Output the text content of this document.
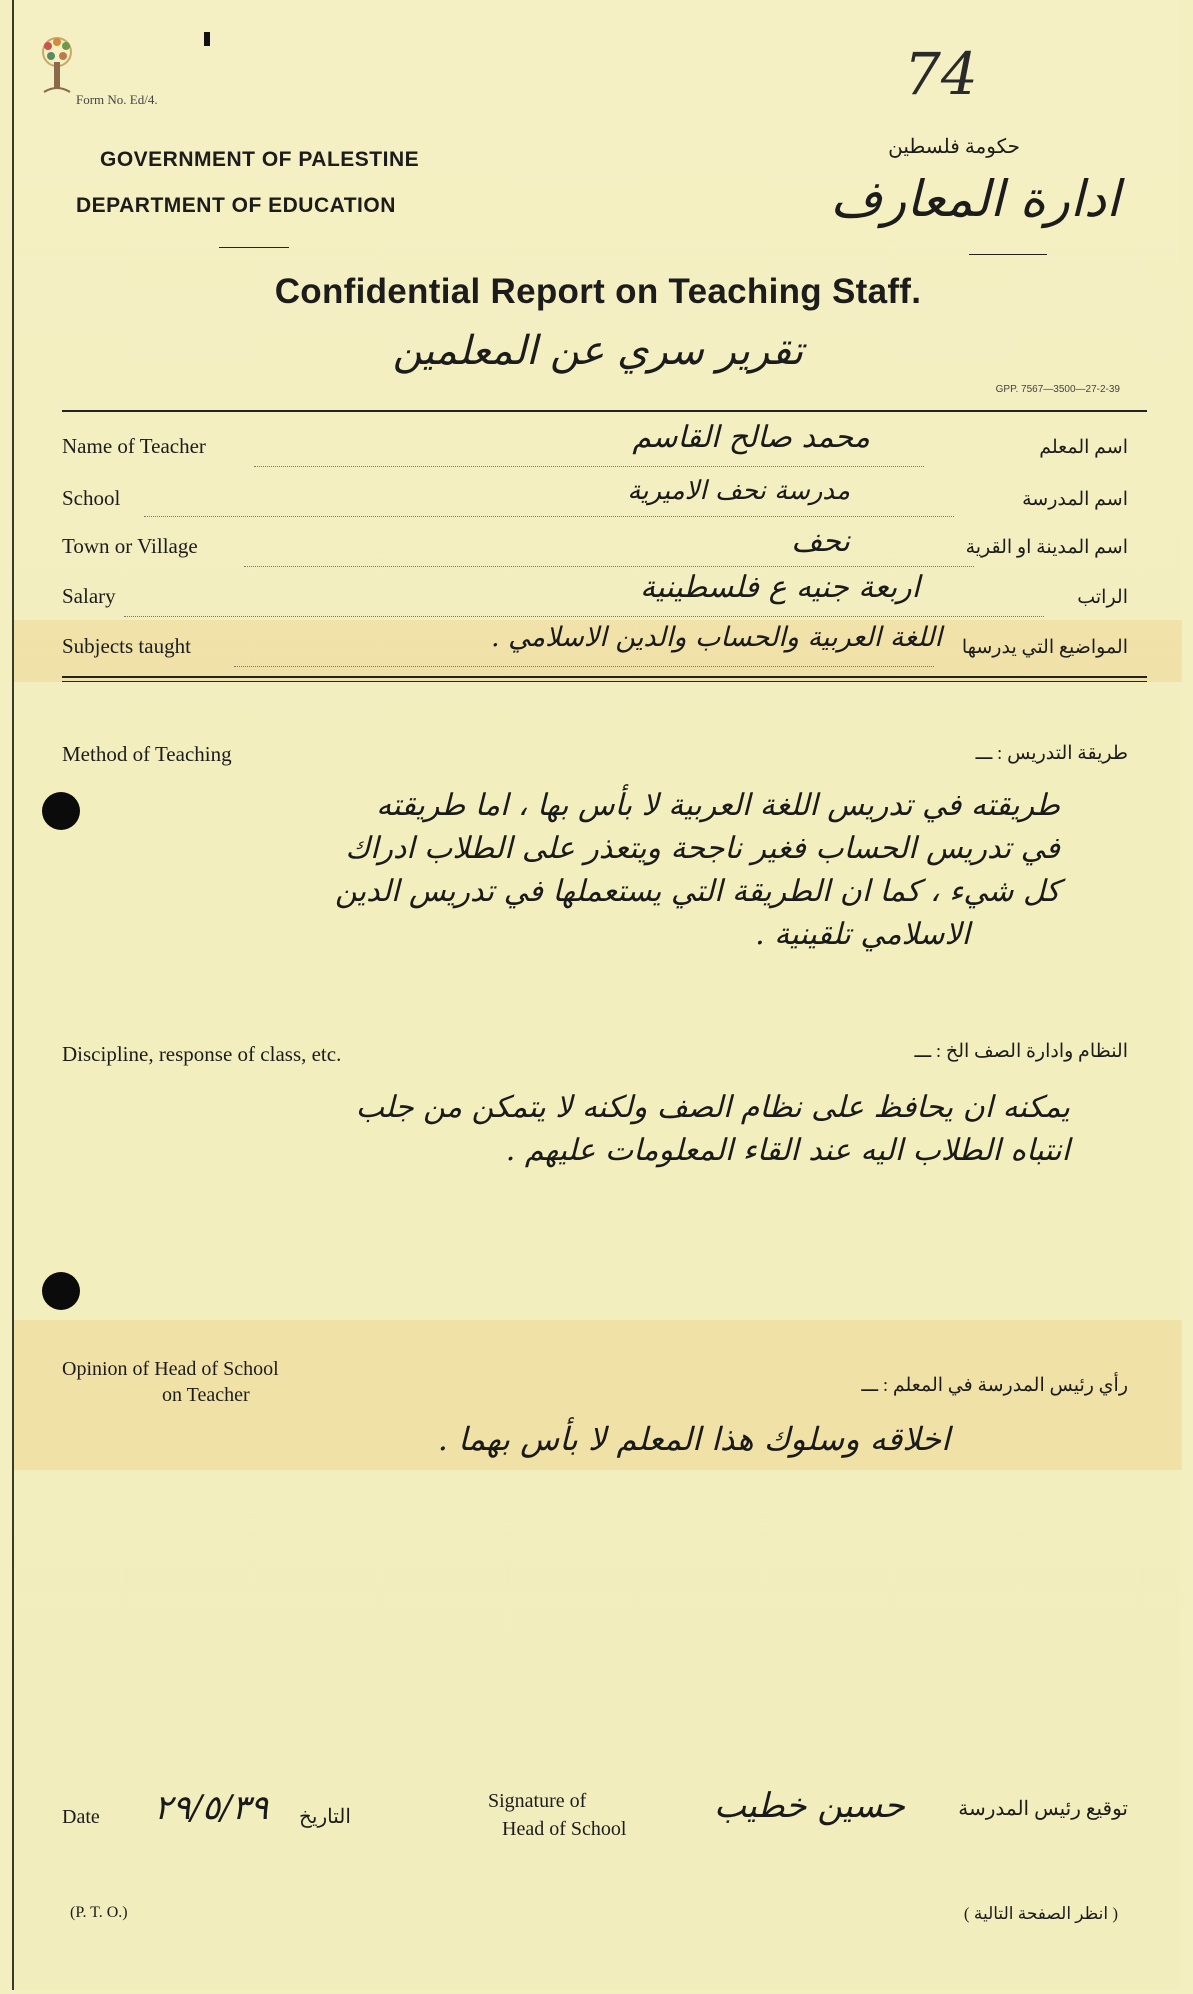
Form No. Ed/4.	74
GOVERNMENT OF PALESTINE
DEPARTMENT OF EDUCATION
حكومة فلسطين
ادارة المعارف
Confidential Report on Teaching Staff.
تقرير سري عن المعلمين
GPP. 7567—3500—27-2-39
Name of Teacher	اسم المعلم
محمد صالح القاسم
School	اسم المدرسة
مدرسة نحف الاميرية
Town or Village	اسم المدينة او القرية
نحف
Salary	الراتب
اربعة جنيه ع فلسطينية
Subjects taught	المواضيع التي يدرسها
اللغة العربية والحساب والدين الاسلامي .
Method of Teaching	طريقة التدريس : ـــ
طريقته في تدريس اللغة العربية لا بأس بها ، اما طريقته
في تدريس الحساب فغير ناجحة ويتعذر على الطلاب ادراك
كل شيء ، كما ان الطريقة التي يستعملها في تدريس الدين
الاسلامي تلقينية .
Discipline, response of class, etc.	النظام وادارة الصف الخ : ـــ
يمكنه ان يحافظ على نظام الصف ولكنه لا يتمكن من جلب
انتباه الطلاب اليه عند القاء المعلومات عليهم .
Opinion of Head of School
on Teacher	رأي رئيس المدرسة في المعلم : ـــ
اخلاقه وسلوك هذا المعلم لا بأس بهما .
Date ٢٩/٥/٣٩ التاريخ
Signature of
Head of School
حسين خطيب	توقيع رئيس المدرسة
(P. T. O.)	( انظر الصفحة التالية )
